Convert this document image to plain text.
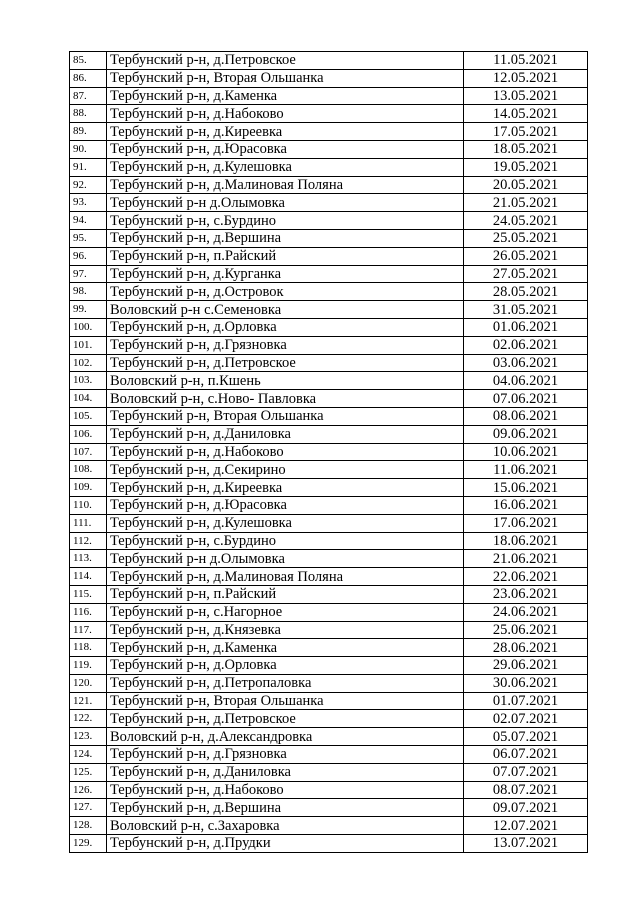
85.	Тербунский р-н, д.Петровское	11.05.2021
86.	Тербунский р-н, Вторая Ольшанка	12.05.2021
87.	Тербунский р-н, д.Каменка	13.05.2021
88.	Тербунский р-н, д.Набоково	14.05.2021
89.	Тербунский р-н, д.Киреевка	17.05.2021
90.	Тербунский р-н, д.Юрасовка	18.05.2021
91.	Тербунский р-н, д.Кулешовка	19.05.2021
92.	Тербунский р-н, д.Малиновая Поляна	20.05.2021
93.	Тербунский р-н д.Олымовка	21.05.2021
94.	Тербунский р-н, с.Бурдино	24.05.2021
95.	Тербунский р-н, д.Вершина	25.05.2021
96.	Тербунский р-н, п.Райский	26.05.2021
97.	Тербунский р-н, д.Курганка	27.05.2021
98.	Тербунский р-н, д.Островок	28.05.2021
99.	Воловский р-н с.Семеновка	31.05.2021
100.	Тербунский р-н, д.Орловка	01.06.2021
101.	Тербунский р-н, д.Грязновка	02.06.2021
102.	Тербунский р-н, д.Петровское	03.06.2021
103.	Воловский р-н, п.Кшень	04.06.2021
104.	Воловский р-н, с.Ново- Павловка	07.06.2021
105.	Тербунский р-н, Вторая Ольшанка	08.06.2021
106.	Тербунский р-н, д.Даниловка	09.06.2021
107.	Тербунский р-н, д.Набоково	10.06.2021
108.	Тербунский р-н, д.Секирино	11.06.2021
109.	Тербунский р-н, д.Киреевка	15.06.2021
110.	Тербунский р-н, д.Юрасовка	16.06.2021
111.	Тербунский р-н, д.Кулешовка	17.06.2021
112.	Тербунский р-н, с.Бурдино	18.06.2021
113.	Тербунский р-н д.Олымовка	21.06.2021
114.	Тербунский р-н, д.Малиновая Поляна	22.06.2021
115.	Тербунский р-н, п.Райский	23.06.2021
116.	Тербунский р-н, с.Нагорное	24.06.2021
117.	Тербунский р-н, д.Князевка	25.06.2021
118.	Тербунский р-н, д.Каменка	28.06.2021
119.	Тербунский р-н, д.Орловка	29.06.2021
120.	Тербунский р-н, д.Петропаловка	30.06.2021
121.	Тербунский р-н, Вторая Ольшанка	01.07.2021
122.	Тербунский р-н, д.Петровское	02.07.2021
123.	Воловский р-н, д.Александровка	05.07.2021
124.	Тербунский р-н, д.Грязновка	06.07.2021
125.	Тербунский р-н, д.Даниловка	07.07.2021
126.	Тербунский р-н, д.Набоково	08.07.2021
127.	Тербунский р-н, д.Вершина	09.07.2021
128.	Воловский р-н, с.Захаровка	12.07.2021
129.	Тербунский р-н, д.Прудки	13.07.2021
